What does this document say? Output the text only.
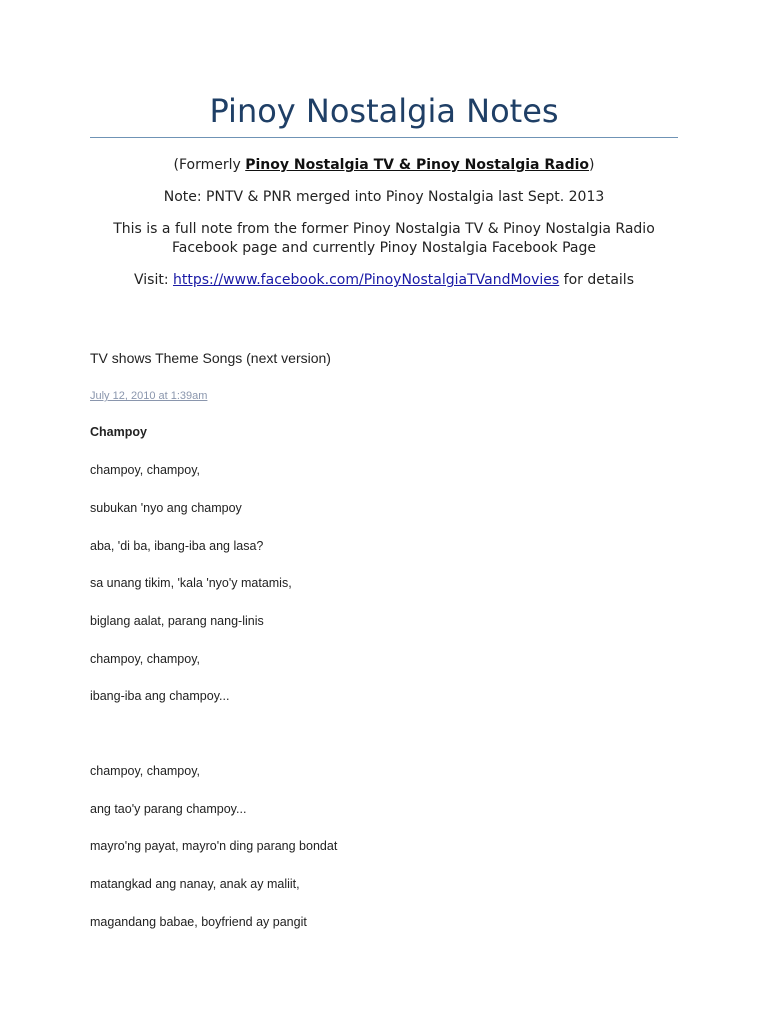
Pinoy Nostalgia Notes
(Formerly Pinoy Nostalgia TV & Pinoy Nostalgia Radio)
Note: PNTV & PNR merged into Pinoy Nostalgia last Sept. 2013
This is a full note from the former Pinoy Nostalgia TV & Pinoy Nostalgia Radio
Facebook page and currently Pinoy Nostalgia Facebook Page
Visit: https://www.facebook.com/PinoyNostalgiaTVandMovies for details
TV shows Theme Songs (next version)
July 12, 2010 at 1:39am
Champoy
champoy, champoy,
subukan 'nyo ang champoy
aba, 'di ba, ibang-iba ang lasa?
sa unang tikim, 'kala 'nyo'y matamis,
biglang aalat, parang nang-linis
champoy, champoy,
ibang-iba ang champoy...
champoy, champoy,
ang tao'y parang champoy...
mayro'ng payat, mayro'n ding parang bondat
matangkad ang nanay, anak ay maliit,
magandang babae, boyfriend ay pangit
